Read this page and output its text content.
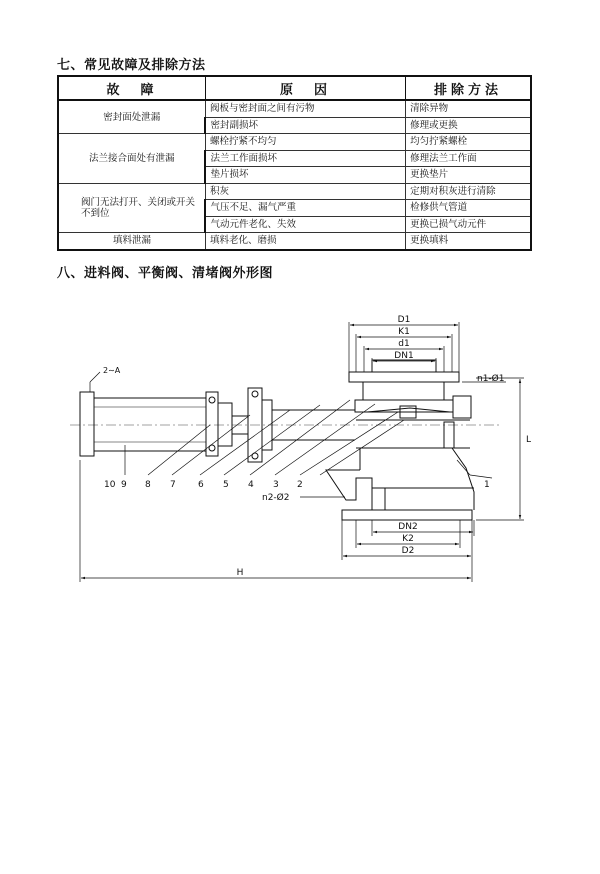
七、常见故障及排除方法
故　障	原　因	排除方法
密封面处泄漏	阀板与密封面之间有污物	清除异物
	密封副损坏	修理或更换
法兰接合面处有泄漏	螺栓拧紧不均匀	均匀拧紧螺栓
	法兰工作面损坏	修理法兰工作面
	垫片损坏	更换垫片
阀门无法打开、关闭或开关不到位	积灰	定期对积灰进行清除
	气压不足、漏气严重	检修供气管道
	气动元件老化、失效	更换已损气动元件
填料泄漏	填料老化、磨损	更换填料
八、进料阀、平衡阀、清堵阀外形图
D1
K1
d1
DN1
n1-Ø1
L
n2-Ø2
DN2
K2
D2
H
2∼A
10 9 8 7 6 5 4 3 2	1
